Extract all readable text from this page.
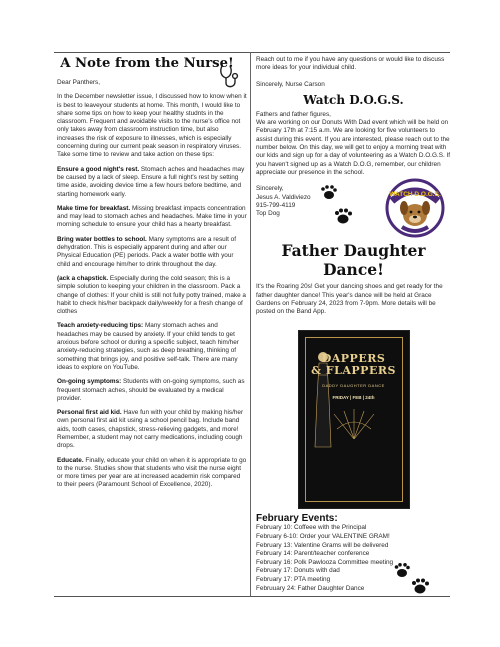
A Note from the Nurse!

Dear Panthers,

In the December newsletter issue, I discussed how to know when it is best to leaveyour students at home. This month, I would like to share some tips on how to keep your healthy studnts in the classroom. Frequent and avoidable visits to the nurse's office not only takes away from classroom instruction time, but also increases the risk of exposure to illnesses, which is especially concerning during our current peak season in respiratory viruses. Take some time to review and take action on these tips:

Ensure a good night's rest. Stomach aches and headaches may be caused by a lack of sleep. Ensure a full night's rest by setting time aside, avoiding device time a few hours before bedtime, and starting homework early.

Make time for breakfast. Missing breakfast impacts concentration and may lead to stomach aches and headaches. Make time in your morning schedule to ensure your child has a hearty breakfast.

Bring water bottles to school. Many symptoms are a result of dehydration. This is especially apparent during and after our Physical Education (PE) periods. Pack a water bottle with your child and encourage him/her to drink throughout the day.

(ack a chapstick. Especially during the cold season; this is a simple solution to keeping your children in the classroom. Pack a change of clothes: If your child is still not fully potty trained, make a habit to check his/her backpack daily/weekly for a fresh change of clothes

Teach anxiety-reducing tips: Many stomach aches and headaches may be caused by anxiety. If your child tends to get anxious before school or during a specific subject, teach him/her anxiety-reducing strategies, such as deep breathing, thinking of something that brings joy, and positive self-talk. There are many ideas to explore on YouTube.

On-going symptoms: Students with on-going symptoms, such as frequent stomach aches, should be evaluated by a medical provider.

Personal first aid kid. Have fun with your child by making his/her own personal first aid kit using a school pencil bag. Include band aids, tooth cases, chapstick, stress-relieving gadgets, and more! Remember, a student may not carry medications, including cough drops.

Educate. Finally, educate your child on when it is appropriate to go to the nurse. Studies show that students who visit the nurse eight or more times per year are at increased academin risk compared to their peers (Paramount School of Excellence, 2020).

Reach out to me if you have any questions or would like to discuss more ideas for your individual child.

Sincerely, Nurse Carson

Watch D.O.G.S.

Fathers and father figures,

We are working on our Donuts With Dad event which will be held on February 17th at 7:15 a.m. We are looking for five volunteers to assist during this event. If you are interested, please reach out to the number below. On this day, we will get to enjoy a morning treat with our kids and sign up for a day of volunteering as a Watch D.O.G.S. If you haven't signed up as a Watch D.O.G, remember, our children appreciate our presence in the school.

Sincerely,
Jesus A. Valdiviezo
915-799-4119
Top Dog
WATCH D.O.G.S.
Father Daughter Dance!

It's the Roaring 20s! Get your dancing shoes and get ready for the father daughter dance! This year's dance will be held at Grace Gardens on February 24, 2023 from 7-9pm. More details will be posted on the Band App.

DAPPERS
& FLAPPERS
DADDY DAUGHTER DANCE
FRIDAY | FEB | 24th
February Events:
February 10: Coffeee with the Principal
February 6-10: Order your VALENTINE GRAM!
February 13: Valentine Grams will be delivered
February 14: Parent/teacher conference
February 16: Polk Pawlooza Committee meeting
February 17: Donuts with dad
February 17: PTA meeting
Februuary 24: Father Daughter Dance
